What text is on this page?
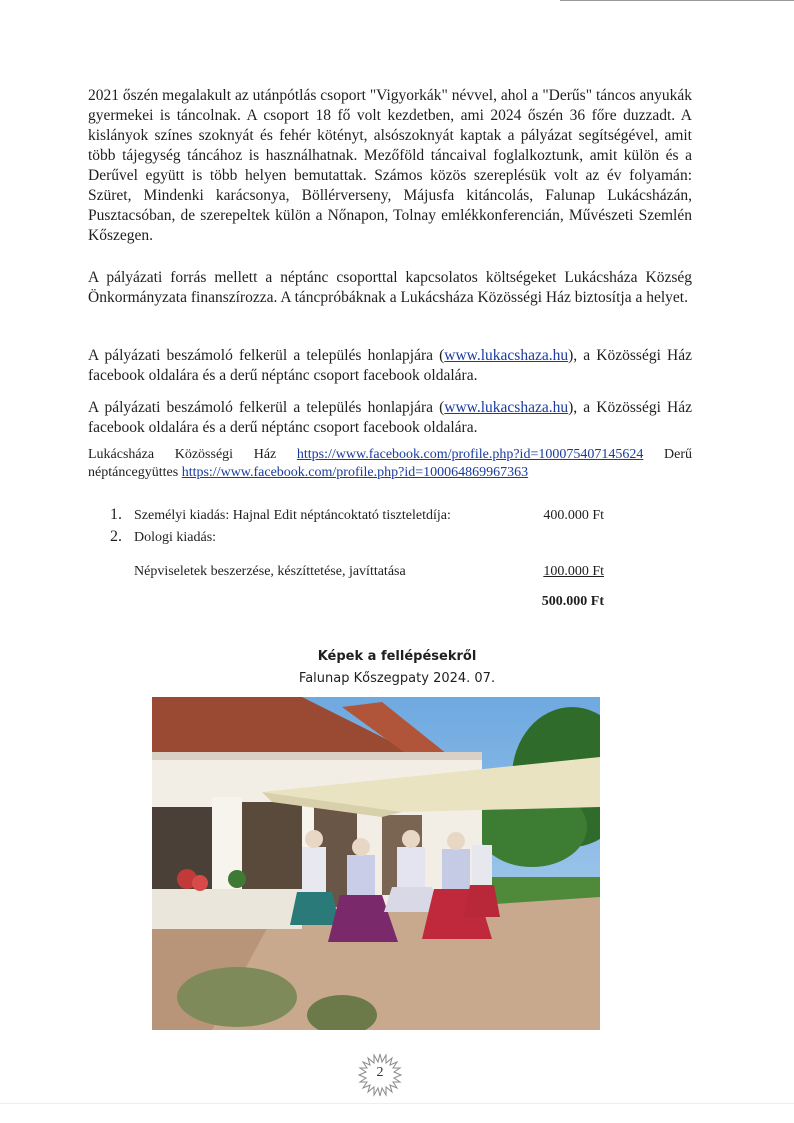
2021 őszén megalakult az utánpótlás csoport "Vigyorkák" névvel, ahol a "Derűs" táncos anyukák gyermekei is táncolnak. A csoport 18 fő volt kezdetben, ami 2024 őszén 36 főre duzzadt. A kislányok színes szoknyát és fehér kötényt, alsószoknyát kaptak a pályázat segítségével, amit több tájegység táncához is használhatnak. Mezőföld táncaival foglalkoztunk, amit külön és a Derűvel együtt is több helyen bemutattak. Számos közös szereplésük volt az év folyamán: Szüret, Mindenki karácsonya, Böllérverseny, Májusfa kitáncolás, Falunap Lukácsházán, Pusztacsóban, de szerepeltek külön a Nőnapon, Tolnay emlékkonferencián, Művészeti Szemlén Kőszegen.

A pályázati forrás mellett a néptánc csoporttal kapcsolatos költségeket Lukácsháza Község Önkormányzata finanszírozza. A táncpróbáknak a Lukácsháza Közösségi Ház biztosítja a helyet.

A pályázati beszámoló felkerül a település honlapjára (www.lukacshaza.hu), a Közösségi Ház facebook oldalára és a derű néptánc csoport facebook oldalára.

A pályázati beszámoló felkerül a település honlapjára (www.lukacshaza.hu), a Közösségi Ház facebook oldalára és a derű néptánc csoport facebook oldalára.

Lukácsháza Közösségi Ház https://www.facebook.com/profile.php?id=100075407145624 Derű néptáncegyüttes https://www.facebook.com/profile.php?id=100064869967363

1. Személyi kiadás: Hajnal Edit néptáncoktató tiszteletdíja:	400.000 Ft
2. Dologi kiadás:
Népviseletek beszerzése, készíttetése, javíttatása	100.000 Ft
500.000 Ft
Képek a fellépésekről
Falunap Kőszegpaty 2024. 07.
2
